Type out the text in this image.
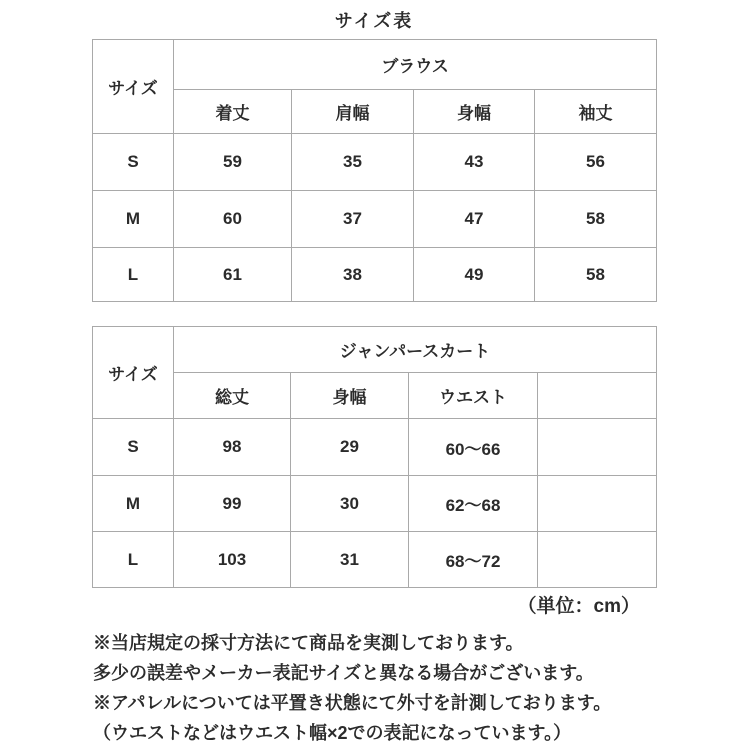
サイズ表
サイズ	ブラウス			
	着丈	肩幅	身幅	袖丈
S	59	35	43	56
M	60	37	47	58
L	61	38	49	58
サイズ	ジャンパースカート			
	総丈	身幅	ウエスト	
S	98	29	60〜66	
M	99	30	62〜68	
L	103	31	68〜72	
（単位：cm）
※当店規定の採寸方法にて商品を実測しております。
多少の誤差やメーカー表記サイズと異なる場合がございます。
※アパレルについては平置き状態にて外寸を計測しております。
（ウエストなどはウエスト幅×2での表記になっています。）
